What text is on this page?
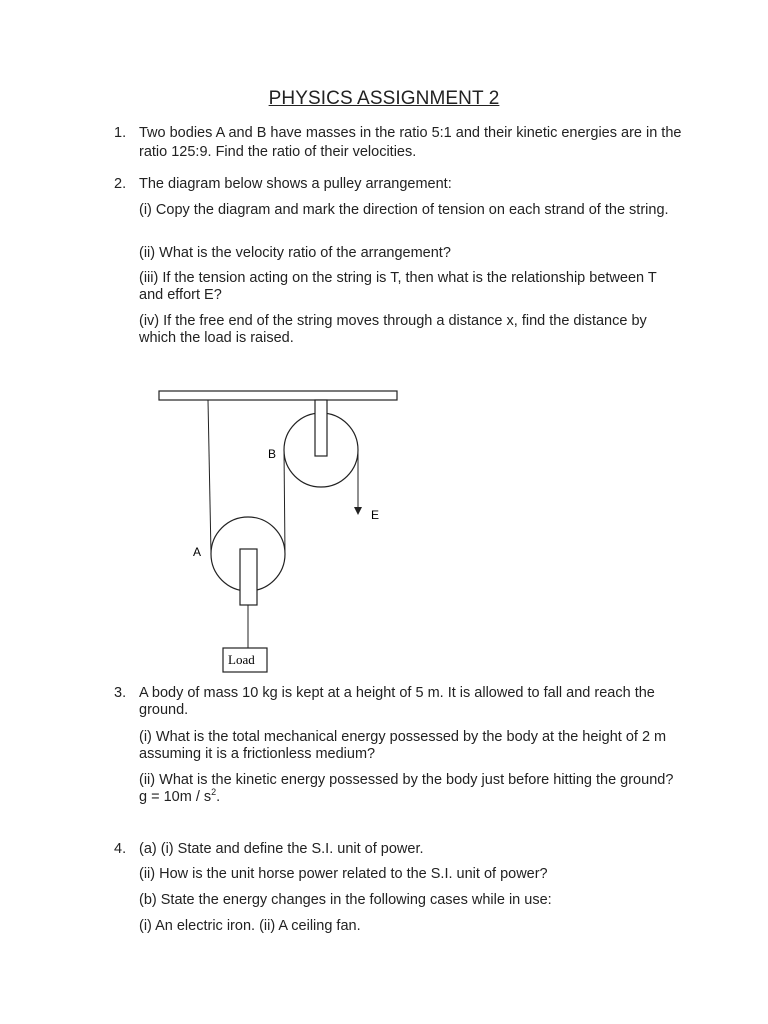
PHYSICS ASSIGNMENT 2
1. Two bodies A and B have masses in the ratio 5:1 and their kinetic energies are in the ratio 125:9. Find the ratio of their velocities.
2. The diagram below shows a pulley arrangement:
(i) Copy the diagram and mark the direction of tension on each strand of the string.
(ii) What is the velocity ratio of the arrangement?
(iii) If the tension acting on the string is T, then what is the relationship between T and effort E?
(iv) If the free end of the string moves through a distance x, find the distance by which the load is raised.
B
A
E
Load
3. A body of mass 10 kg is kept at a height of 5 m. It is allowed to fall and reach the ground.
(i) What is the total mechanical energy possessed by the body at the height of 2 m assuming it is a frictionless medium?
(ii) What is the kinetic energy possessed by the body just before hitting the ground? $g = 10m / s^2$.
4. (a) (i) State and define the S.I. unit of power.
(ii) How is the unit horse power related to the S.I. unit of power?
(b) State the energy changes in the following cases while in use:
(i) An electric iron. (ii) A ceiling fan.
